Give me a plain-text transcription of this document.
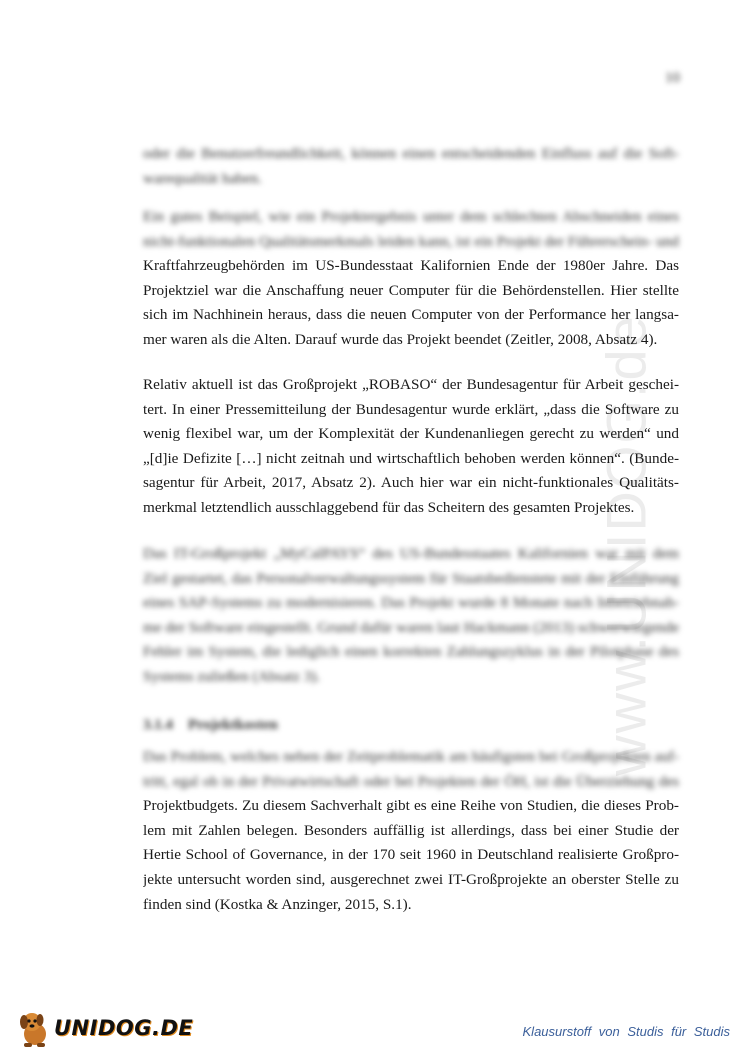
10
www.UNIDOG.de

oder die Benutzerfreundlichkeit, können einen entscheidenden Einfluss auf die Soft-
warequalität haben.

Ein gutes Beispiel, wie ein Projektergebnis unter dem schlechten Abschneiden eines
nicht-funktionalen Qualitätsmerkmals leiden kann, ist ein Projekt der Führerschein- und
Kraftfahrzeugbehörden im US-Bundesstaat Kalifornien Ende der 1980er Jahre. Das
Projektziel war die Anschaffung neuer Computer für die Behördenstellen. Hier stellte
sich im Nachhinein heraus, dass die neuen Computer von der Performance her langsa-
mer waren als die Alten. Darauf wurde das Projekt beendet (Zeitler, 2008, Absatz 4).

Relativ aktuell ist das Großprojekt „ROBASO“ der Bundesagentur für Arbeit geschei-
tert. In einer Pressemitteilung der Bundesagentur wurde erklärt, „dass die Software zu
wenig flexibel war, um der Komplexität der Kundenanliegen gerecht zu werden“ und
„[d]ie Defizite […] nicht zeitnah und wirtschaftlich behoben werden können“. (Bunde-
sagentur für Arbeit, 2017, Absatz 2). Auch hier war ein nicht-funktionales Qualitäts-
merkmal letztendlich ausschlaggebend für das Scheitern des gesamten Projektes.

Das IT-Großprojekt „MyCalPAYS“ des US-Bundesstaates Kalifornien war mit dem
Ziel gestartet, das Personalverwaltungssystem für Staatsbedienstete mit der Einführung
eines SAP-Systems zu modernisieren. Das Projekt wurde 8 Monate nach Inbetriebnah-
me der Software eingestellt. Grund dafür waren laut Hackmann (2013) schwerwiegende
Fehler im System, die lediglich einen korrekten Zahlungszyklus in der Pilotphase des
Systems zuließen (Absatz 3).

3.1.4 Projektkosten

Das Problem, welches neben der Zeitproblematik am häufigsten bei Großprojekten auf-
tritt, egal ob in der Privatwirtschaft oder bei Projekten der ÖH, ist die Überziehung des
Projektbudgets. Zu diesem Sachverhalt gibt es eine Reihe von Studien, die dieses Prob-
lem mit Zahlen belegen. Besonders auffällig ist allerdings, dass bei einer Studie der
Hertie School of Governance, in der 170 seit 1960 in Deutschland realisierte Großpro-
jekte untersucht worden sind, ausgerechnet zwei IT-Großprojekte an oberster Stelle zu
finden sind (Kostka & Anzinger, 2015, S.1).

UNIDOG.DE	Klausurstoff von Studis für Studis
